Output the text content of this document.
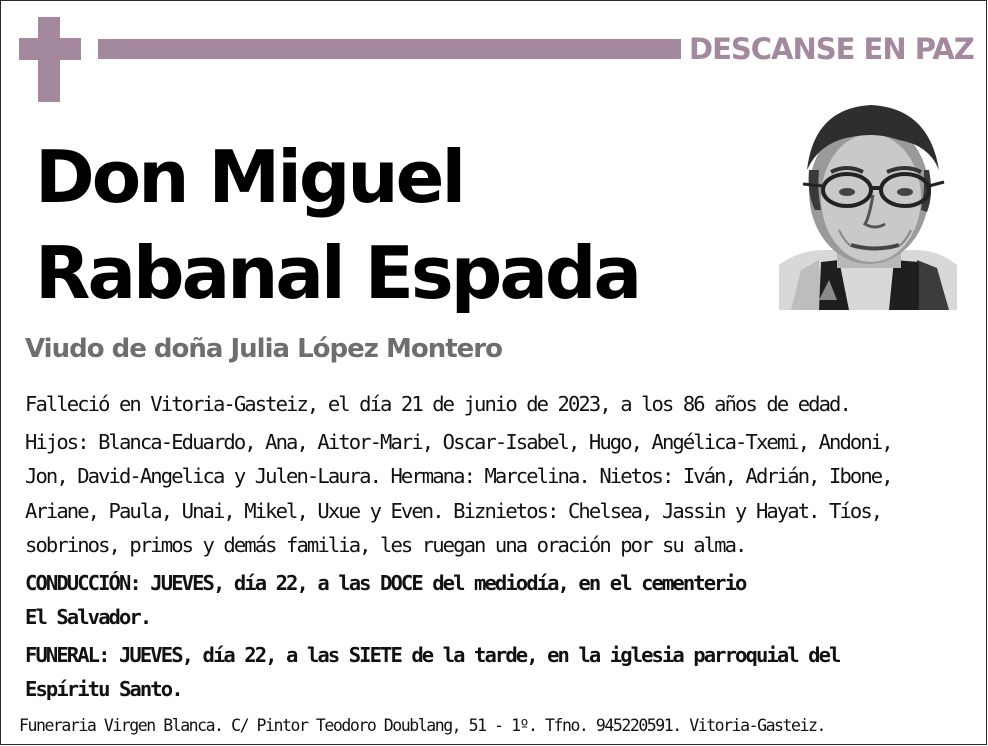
DESCANSE EN PAZ
Don Miguel
Rabanal Espada
Viudo de doña Julia López Montero

Falleció en Vitoria-Gasteiz, el día 21 de junio de 2023, a los 86 años de edad.

Hijos: Blanca-Eduardo, Ana, Aitor-Mari, Oscar-Isabel, Hugo, Angélica-Txemi, Andoni,

Jon, David-Angelica y Julen-Laura. Hermana: Marcelina. Nietos: Iván, Adrián, Ibone,

Ariane, Paula, Unai, Mikel, Uxue y Even. Biznietos: Chelsea, Jassin y Hayat. Tíos,

sobrinos, primos y demás familia, les ruegan una oración por su alma.

CONDUCCIÓN: JUEVES, día 22, a las DOCE del mediodía, en el cementerio

El Salvador.

FUNERAL: JUEVES, día 22, a las SIETE de la tarde, en la iglesia parroquial del

Espíritu Santo.

Funeraria Virgen Blanca. C/ Pintor Teodoro Doublang, 51 - 1º. Tfno. 945220591. Vitoria-Gasteiz.
